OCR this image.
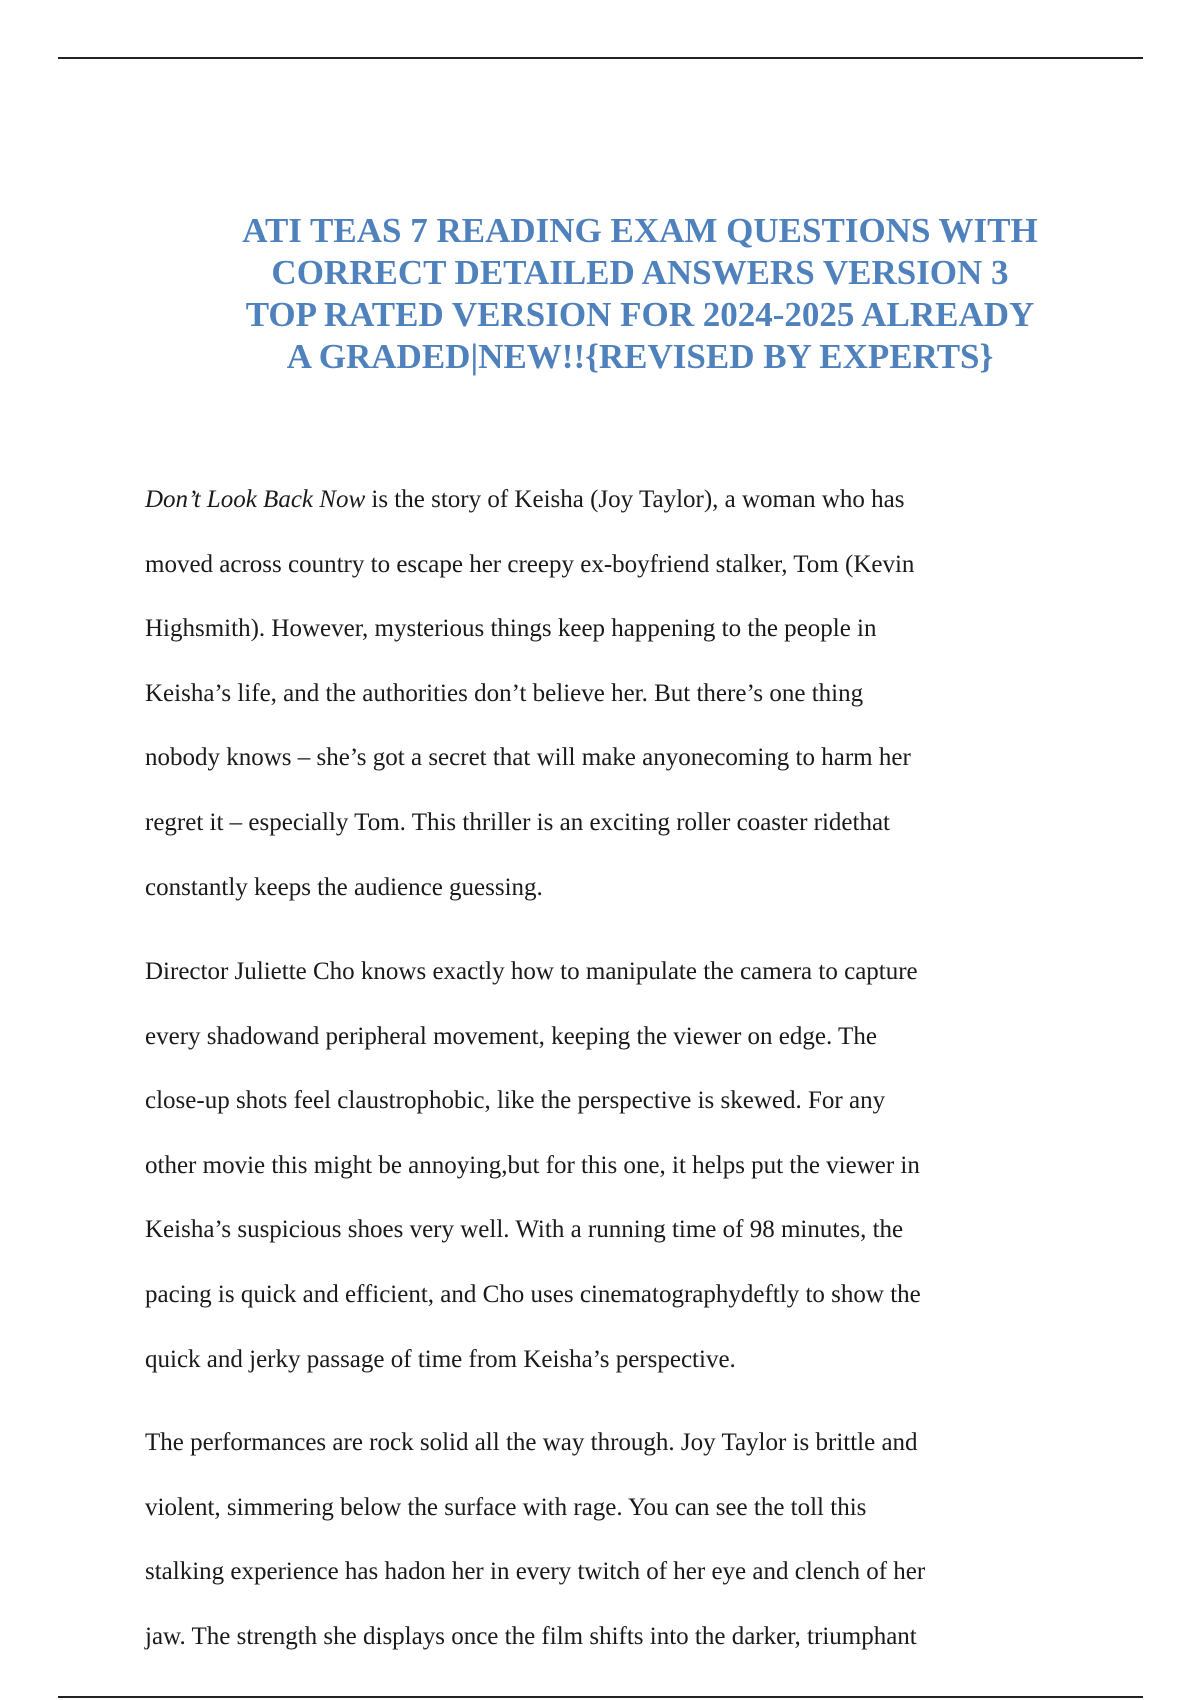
ATI TEAS 7 READING EXAM QUESTIONS WITH
CORRECT DETAILED ANSWERS VERSION 3
TOP RATED VERSION FOR 2024-2025 ALREADY
A GRADED|NEW!!{REVISED BY EXPERTS}
Don’t Look Back Now is the story of Keisha (Joy Taylor), a woman who has
moved across country to escape her creepy ex-boyfriend stalker, Tom (Kevin
Highsmith). However, mysterious things keep happening to the people in
Keisha’s life, and the authorities don’t believe her. But there’s one thing
nobody knows – she’s got a secret that will make anyonecoming to harm her
regret it – especially Tom. This thriller is an exciting roller coaster ridethat
constantly keeps the audience guessing.
Director Juliette Cho knows exactly how to manipulate the camera to capture
every shadowand peripheral movement, keeping the viewer on edge. The
close-up shots feel claustrophobic, like the perspective is skewed. For any
other movie this might be annoying,but for this one, it helps put the viewer in
Keisha’s suspicious shoes very well. With a running time of 98 minutes, the
pacing is quick and efficient, and Cho uses cinematographydeftly to show the
quick and jerky passage of time from Keisha’s perspective.
The performances are rock solid all the way through. Joy Taylor is brittle and
violent, simmering below the surface with rage. You can see the toll this
stalking experience has hadon her in every twitch of her eye and clench of her
jaw. The strength she displays once the film shifts into the darker, triumphant
